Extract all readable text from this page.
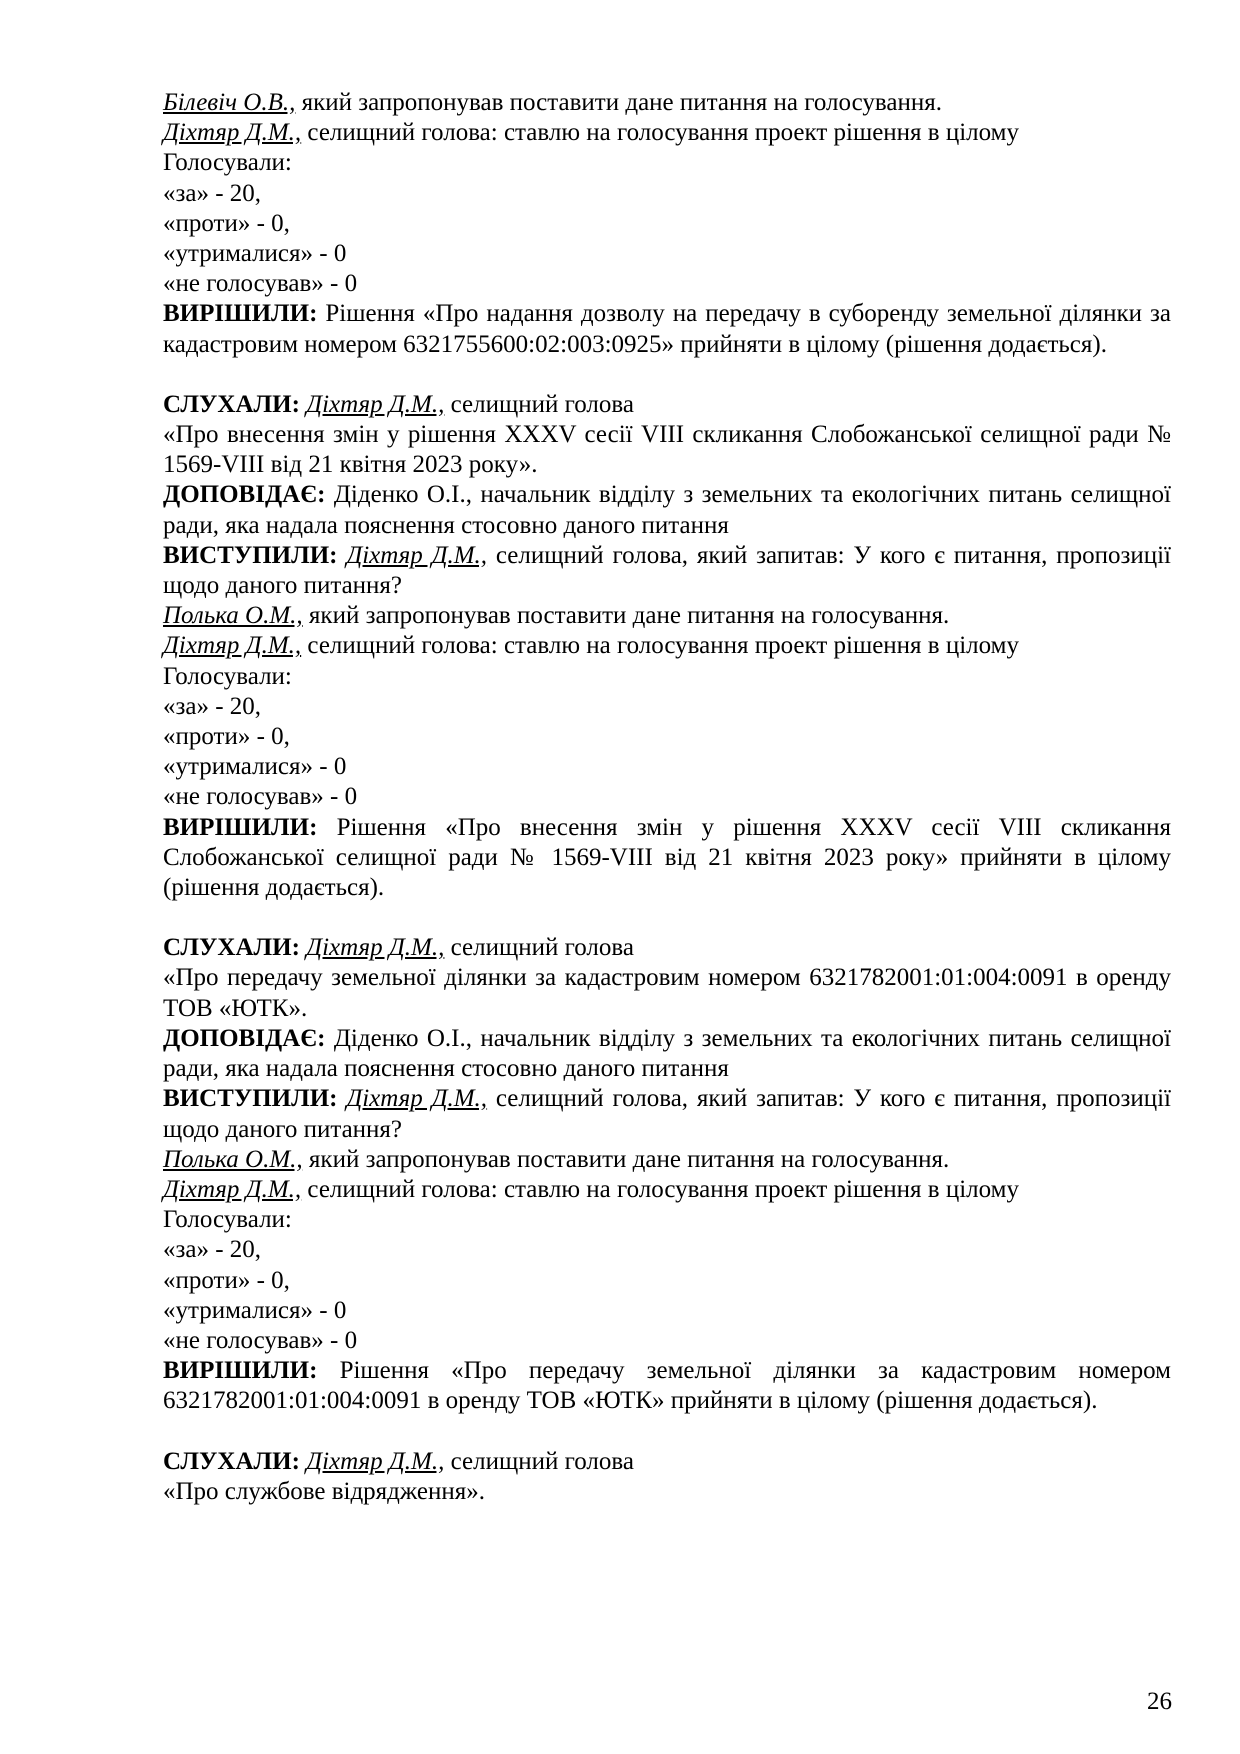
Білевіч О.В., який запропонував поставити дане питання на голосування.
Діхтяр Д.М., селищний голова: ставлю на голосування проект рішення в цілому
Голосували:
«за» - 20,
«проти» - 0,
«утрималися» - 0
«не голосував» - 0

ВИРІШИЛИ: Рішення «Про надання дозволу на передачу в суборенду земельної ділянки за кадастровим номером 6321755600:02:003:0925» прийняти в цілому (рішення додається).

СЛУХАЛИ: Діхтяр Д.М., селищний голова

«Про внесення змін у рішення XXXV сесії VIII скликання Слобожанської селищної ради № 1569-VIII від 21 квітня 2023 року».

ДОПОВІДАЄ: Діденко О.І., начальник відділу з земельних та екологічних питань селищної ради, яка надала пояснення стосовно даного питання

ВИСТУПИЛИ: Діхтяр Д.М., селищний голова, який запитав: У кого є питання, пропозиції щодо даного питання?

Полька О.М., який запропонував поставити дане питання на голосування.
Діхтяр Д.М., селищний голова: ставлю на голосування проект рішення в цілому
Голосували:
«за» - 20,
«проти» - 0,
«утрималися» - 0
«не голосував» - 0

ВИРІШИЛИ: Рішення «Про внесення змін у рішення XXXV сесії VIII скликання Слобожанської селищної ради № 1569-VIII від 21 квітня 2023 року» прийняти в цілому (рішення додається).

СЛУХАЛИ: Діхтяр Д.М., селищний голова

«Про передачу земельної ділянки за кадастровим номером 6321782001:01:004:0091 в оренду ТОВ «ЮТК».

ДОПОВІДАЄ: Діденко О.І., начальник відділу з земельних та екологічних питань селищної ради, яка надала пояснення стосовно даного питання

ВИСТУПИЛИ: Діхтяр Д.М., селищний голова, який запитав: У кого є питання, пропозиції щодо даного питання?

Полька О.М., який запропонував поставити дане питання на голосування.
Діхтяр Д.М., селищний голова: ставлю на голосування проект рішення в цілому
Голосували:
«за» - 20,
«проти» - 0,
«утрималися» - 0
«не голосував» - 0

ВИРІШИЛИ: Рішення «Про передачу земельної ділянки за кадастровим номером 6321782001:01:004:0091 в оренду ТОВ «ЮТК» прийняти в цілому (рішення додається).

СЛУХАЛИ: Діхтяр Д.М., селищний голова
«Про службове відрядження».
26
